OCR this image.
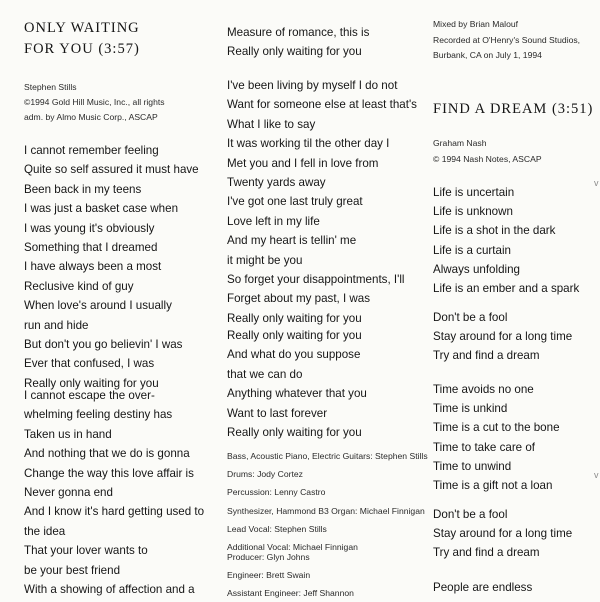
ONLY WAITING
FOR YOU (3:57)
Stephen Stills
©1994 Gold Hill Music, Inc., all rights
adm. by Almo Music Corp., ASCAP
I cannot remember feeling
Quite so self assured it must have
Been back in my teens
I was just a basket case when
I was young it's obviously
Something that I dreamed
I have always been a most
Reclusive kind of guy
When love's around I usually
run and hide
But don't you go believin' I was
Ever that confused, I was
Really only waiting for you
I cannot escape the over-
whelming feeling destiny has
Taken us in hand
And nothing that we do is gonna
Change the way this love affair is
Never gonna end
And I know it's hard getting used to
the idea
That your lover wants to
be your best friend
With a showing of affection and a
Measure of romance, this is
Really only waiting for you
I've been living by myself I do not
Want for someone else at least that's
What I like to say
It was working til the other day I
Met you and I fell in love from
Twenty yards away
I've got one last truly great
Love left in my life
And my heart is tellin' me
it might be you
So forget your disappointments, I'll
Forget about my past, I was
Really only waiting for you
Really only waiting for you
And what do you suppose
that we can do
Anything whatever that you
Want to last forever
Really only waiting for you
Bass, Acoustic Piano, Electric Guitars: Stephen Stills
Drums: Jody Cortez
Percussion: Lenny Castro
Synthesizer, Hammond B3 Organ: Michael Finnigan
Lead Vocal: Stephen Stills
Additional Vocal: Michael Finnigan
Producer: Glyn Johns
Engineer: Brett Swain
Assistant Engineer: Jeff Shannon
Mixed by Brian Malouf
Recorded at O'Henry's Sound Studios,
Burbank, CA on July 1, 1994
FIND A DREAM (3:51)
Graham Nash
© 1994 Nash Notes, ASCAP
Life is uncertain
Life is unknown
Life is a shot in the dark
Life is a curtain
Always unfolding
Life is an ember and a spark
Don't be a fool
Stay around for a long time
Try and find a dream
Time avoids no one
Time is unkind
Time is a cut to the bone
Time to take care of
Time to unwind
Time is a gift not a loan
Don't be a fool
Stay around for a long time
Try and find a dream
People are endless
v
v
